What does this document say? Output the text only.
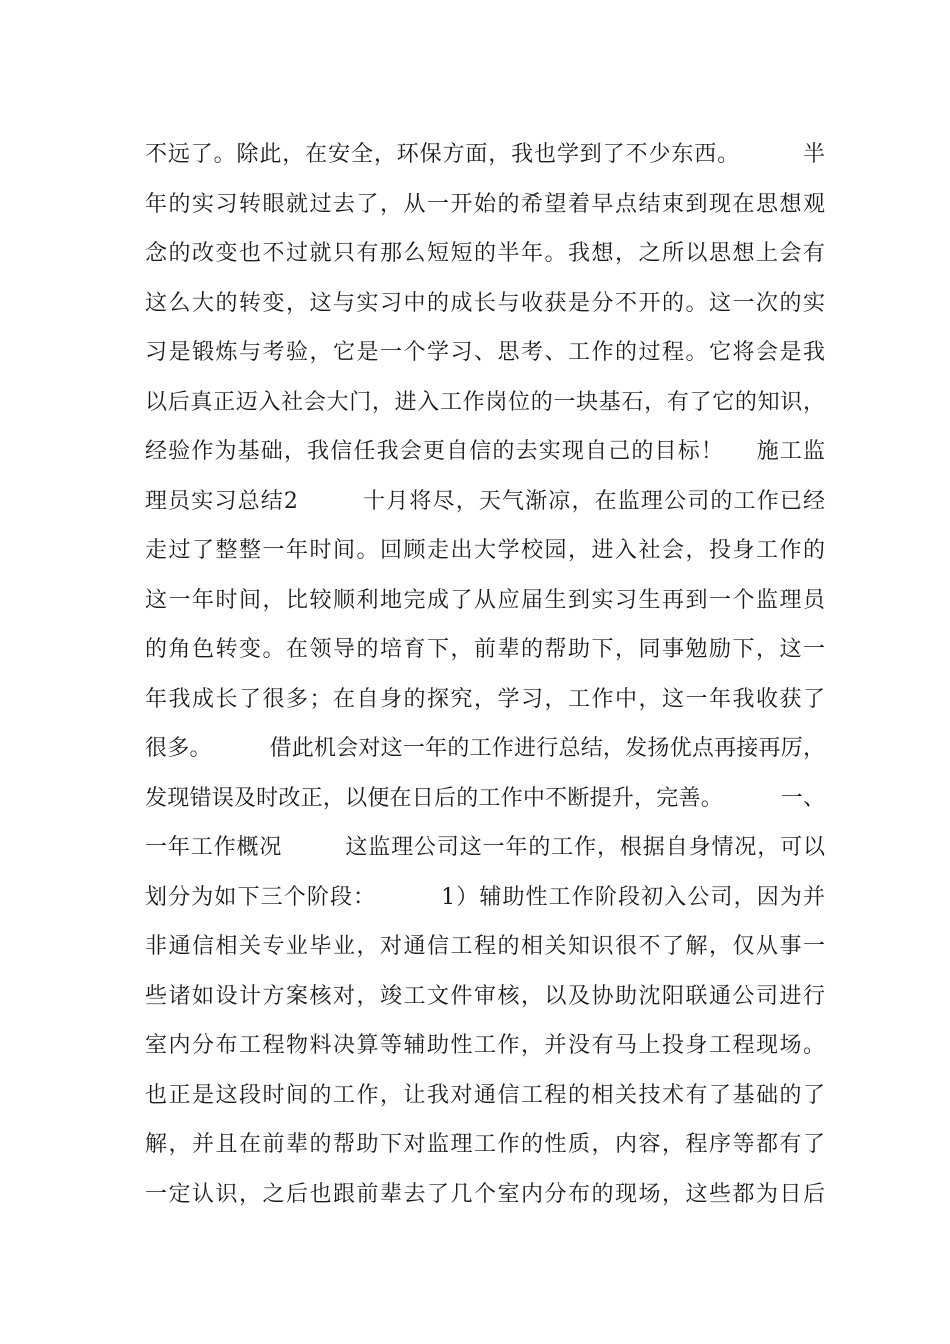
不远了。除此，在安全，环保方面，我也学到了不少东西。        半
年的实习转眼就过去了，从一开始的希望着早点结束到现在思想观
念的改变也不过就只有那么短短的半年。我想，之所以思想上会有
这么大的转变，这与实习中的成长与收获是分不开的。这一次的实
习是锻炼与考验，它是一个学习、思考、工作的过程。它将会是我
以后真正迈入社会大门，进入工作岗位的一块基石，有了它的知识，
经验作为基础，我信任我会更自信的去实现自己的目标！    施工监
理员实习总结2        十月将尽，天气渐凉，在监理公司的工作已经
走过了整整一年时间。回顾走出大学校园，进入社会，投身工作的
这一年时间，比较顺利地完成了从应届生到实习生再到一个监理员
的角色转变。在领导的培育下，前辈的帮助下，同事勉励下，这一
年我成长了很多；在自身的探究，学习，工作中，这一年我收获了
很多。        借此机会对这一年的工作进行总结，发扬优点再接再厉，
发现错误及时改正，以便在日后的工作中不断提升，完善。        一、
一年工作概况        这监理公司这一年的工作，根据自身情况，可以
划分为如下三个阶段：        1）辅助性工作阶段初入公司，因为并
非通信相关专业毕业，对通信工程的相关知识很不了解，仅从事一
些诸如设计方案核对，竣工文件审核，以及协助沈阳联通公司进行
室内分布工程物料决算等辅助性工作，并没有马上投身工程现场。
也正是这段时间的工作，让我对通信工程的相关技术有了基础的了
解，并且在前辈的帮助下对监理工作的性质，内容，程序等都有了
一定认识，之后也跟前辈去了几个室内分布的现场，这些都为日后
